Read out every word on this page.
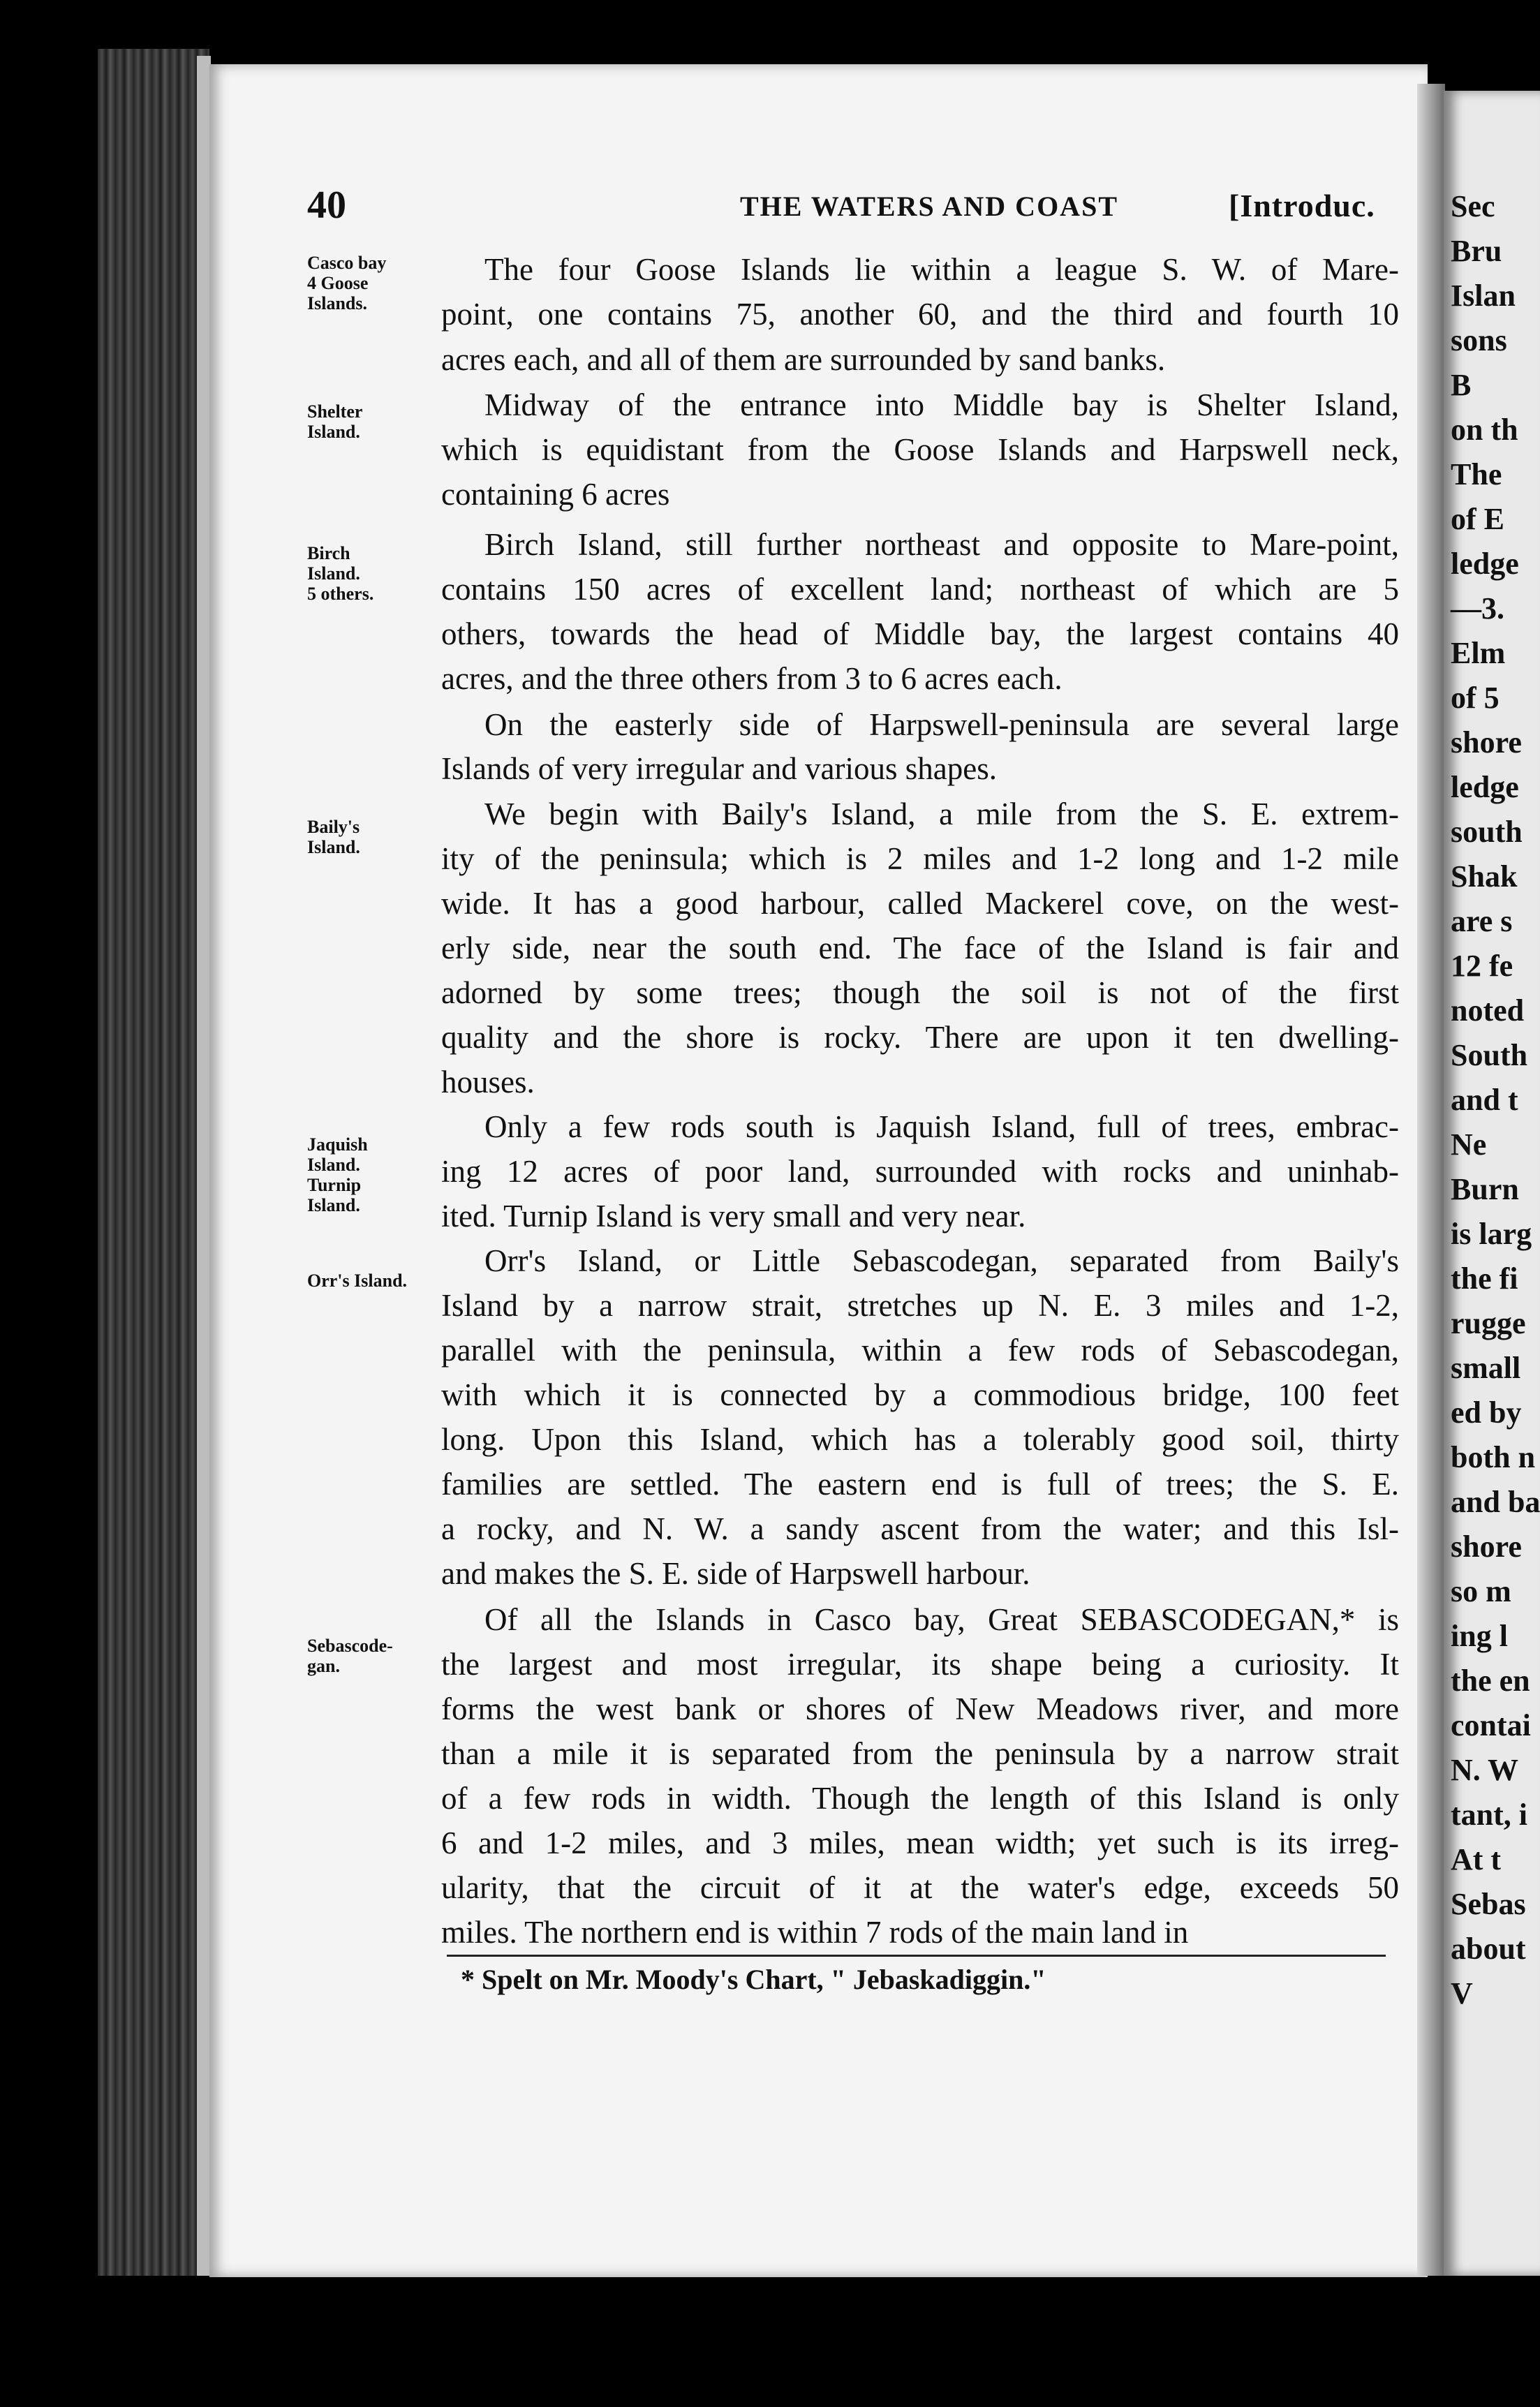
Sec
Bru
Islan
sons
B
on th
The
of E
ledge
—3.
Elm
of 5
shore
ledge
south
Shak
are s
12 fe
noted
South
and t
Ne
Burn
is larg
the fi
rugge
small
ed by
both n
and ba
shore
so m
ing l
the en
contai
N. W
tant, i
At t
Sebas
about
V
40	THE WATERS AND COAST	[Introduc.
Casco bay
4 Goose
Islands.
Shelter
Island.
Birch
Island.
5 others.
Baily's
Island.
Jaquish
Island.
Turnip
Island.
Orr's Island.
Sebascode-
gan.
The four Goose Islands lie within a league S. W. of Mare-
point, one contains 75, another 60, and the third and fourth 10
acres each, and all of them are surrounded by sand banks.
Midway of the entrance into Middle bay is Shelter Island,
which is equidistant from the Goose Islands and Harpswell neck,
containing 6 acres
Birch Island, still further northeast and opposite to Mare-point,
contains 150 acres of excellent land; northeast of which are 5
others, towards the head of Middle bay, the largest contains 40
acres, and the three others from 3 to 6 acres each.
On the easterly side of Harpswell-peninsula are several large
Islands of very irregular and various shapes.
We begin with Baily's Island, a mile from the S. E. extrem-
ity of the peninsula; which is 2 miles and 1-2 long and 1-2 mile
wide. It has a good harbour, called Mackerel cove, on the west-
erly side, near the south end. The face of the Island is fair and
adorned by some trees; though the soil is not of the first
quality and the shore is rocky. There are upon it ten dwelling-
houses.
Only a few rods south is Jaquish Island, full of trees, embrac-
ing 12 acres of poor land, surrounded with rocks and uninhab-
ited. Turnip Island is very small and very near.
Orr's Island, or Little Sebascodegan, separated from Baily's
Island by a narrow strait, stretches up N. E. 3 miles and 1-2,
parallel with the peninsula, within a few rods of Sebascodegan,
with which it is connected by a commodious bridge, 100 feet
long. Upon this Island, which has a tolerably good soil, thirty
families are settled. The eastern end is full of trees; the S. E.
a rocky, and N. W. a sandy ascent from the water; and this Isl-
and makes the S. E. side of Harpswell harbour.
Of all the Islands in Casco bay, Great SEBASCODEGAN,* is
the largest and most irregular, its shape being a curiosity. It
forms the west bank or shores of New Meadows river, and more
than a mile it is separated from the peninsula by a narrow strait
of a few rods in width. Though the length of this Island is only
6 and 1-2 miles, and 3 miles, mean width; yet such is its irreg-
ularity, that the circuit of it at the water's edge, exceeds 50
miles. The northern end is within 7 rods of the main land in
* Spelt on Mr. Moody's Chart, " Jebaskadiggin."
